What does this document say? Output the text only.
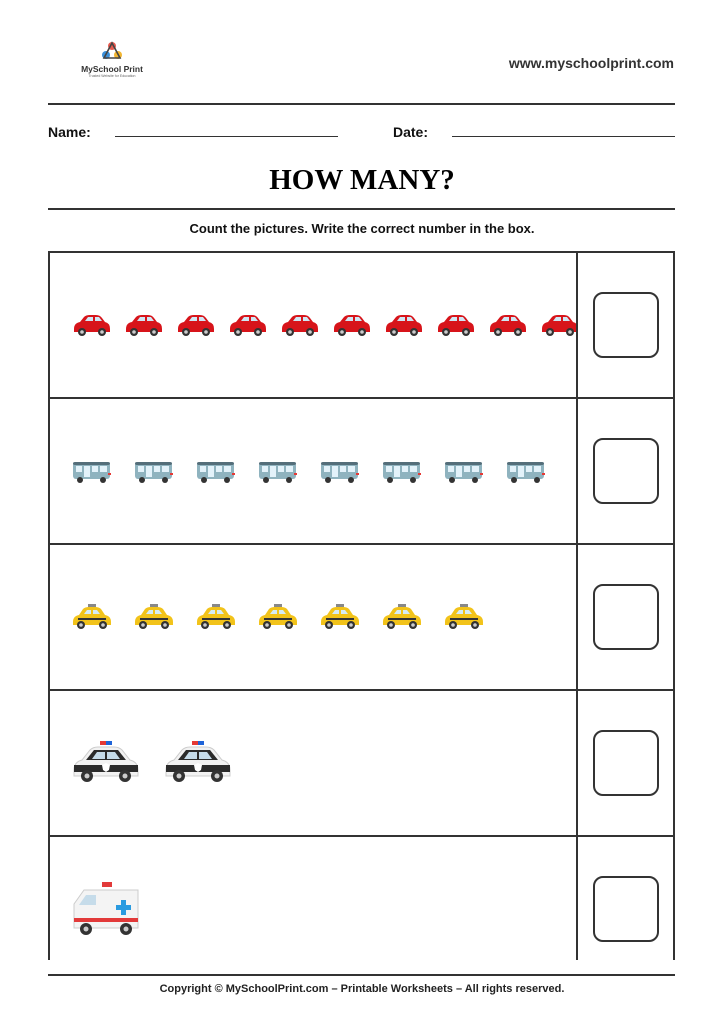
MySchool Print
Trusted Website for Education
www.myschoolprint.com
Name:	Date:
HOW MANY?
Count the pictures. Write the correct number in the box.
Copyright © MySchoolPrint.com – Printable Worksheets – All rights reserved.
